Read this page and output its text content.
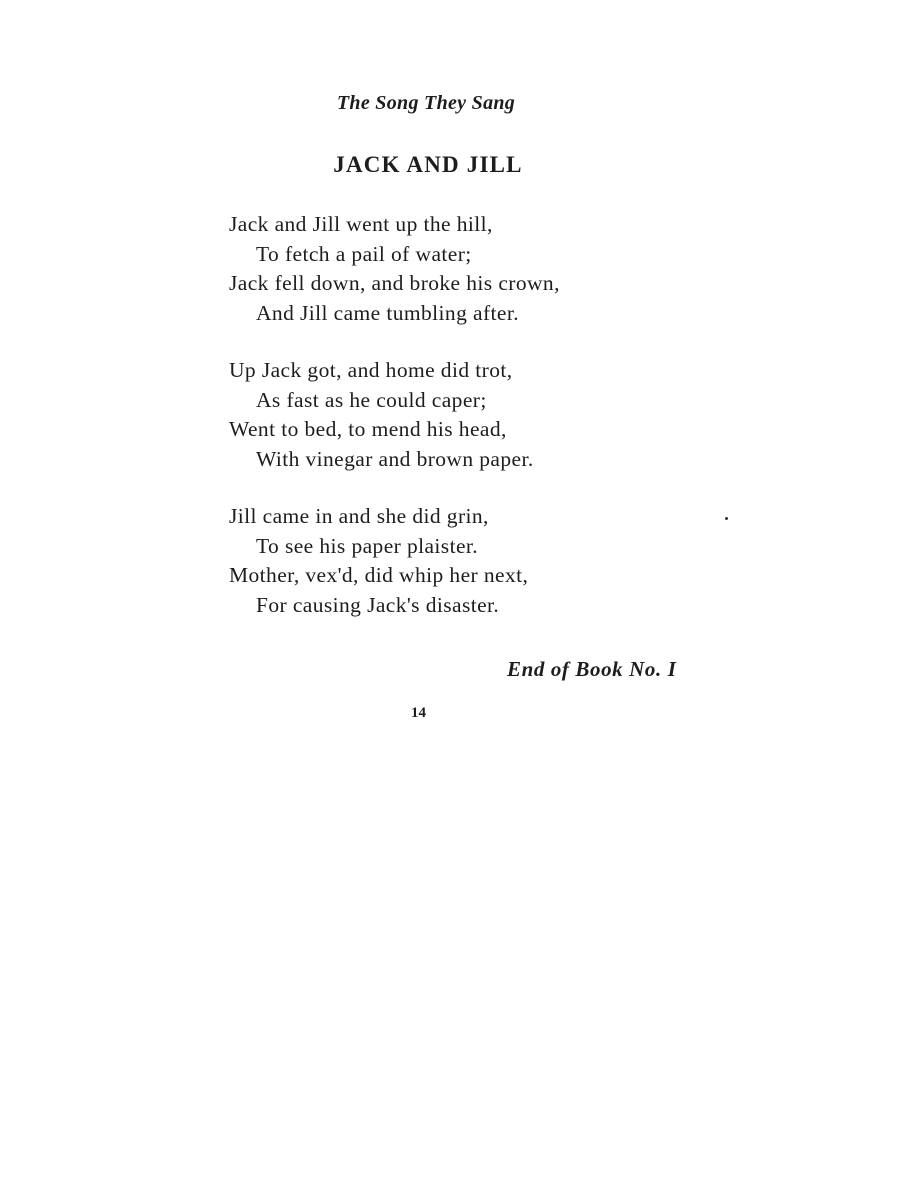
The Song They Sang
JACK AND JILL
Jack and Jill went up the hill,
To fetch a pail of water;
Jack fell down, and broke his crown,
And Jill came tumbling after.
Up Jack got, and home did trot,
As fast as he could caper;
Went to bed, to mend his head,
With vinegar and brown paper.
Jill came in and she did grin,
To see his paper plaister.
Mother, vex'd, did whip her next,
For causing Jack's disaster.
End of Book No. I
14
